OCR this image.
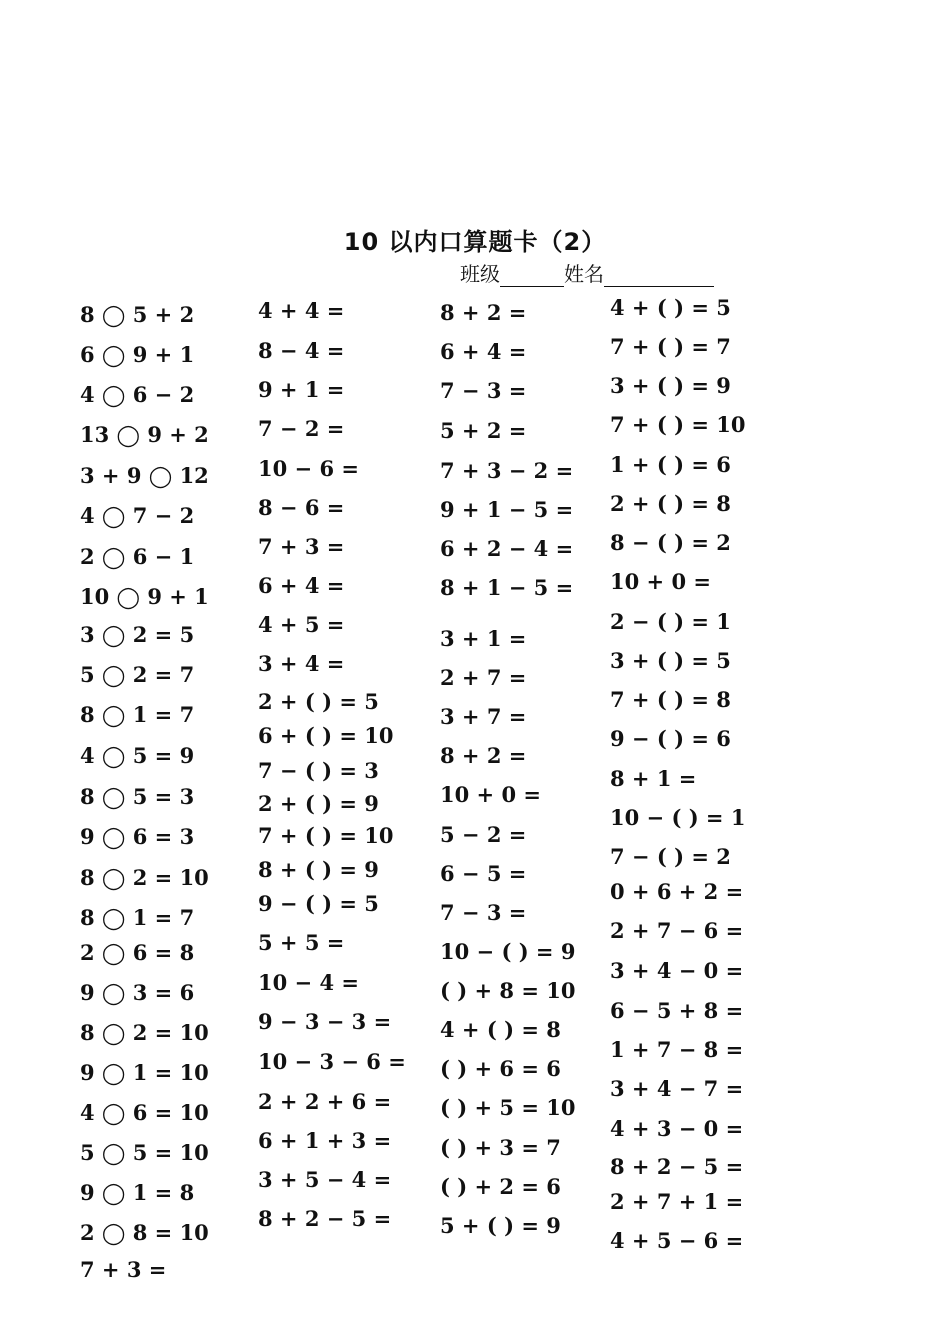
10 以内口算题卡（2）
班级	姓名
8 ◯ 5 + 2
6 ◯ 9 + 1
4 ◯ 6 − 2
13 ◯ 9 + 2
3 + 9 ◯ 12
4 ◯ 7 − 2
2 ◯ 6 − 1
10 ◯ 9 + 1
3 ◯ 2 = 5
5 ◯ 2 = 7
8 ◯ 1 = 7
4 ◯ 5 = 9
8 ◯ 5 = 3
9 ◯ 6 = 3
8 ◯ 2 = 10
8 ◯ 1 = 7
2 ◯ 6 = 8
9 ◯ 3 = 6
8 ◯ 2 = 10
9 ◯ 1 = 10
4 ◯ 6 = 10
5 ◯ 5 = 10
9 ◯ 1 = 8
2 ◯ 8 = 10
7 + 3 =
4 + 4 =
8 − 4 =
9 + 1 =
7 − 2 =
10 − 6 =
8 − 6 =
7 + 3 =
6 + 4 =
4 + 5 =
3 + 4 =
2 + ( ) = 5
6 + ( ) = 10
7 − ( ) = 3
2 + ( ) = 9
7 + ( ) = 10
8 + ( ) = 9
9 − ( ) = 5
5 + 5 =
10 − 4 =
9 − 3 − 3 =
10 − 3 − 6 =
2 + 2 + 6 =
6 + 1 + 3 =
3 + 5 − 4 =
8 + 2 − 5 =
8 + 2 =
6 + 4 =
7 − 3 =
5 + 2 =
7 + 3 − 2 =
9 + 1 − 5 =
6 + 2 − 4 =
8 + 1 − 5 =
3 + 1 =
2 + 7 =
3 + 7 =
8 + 2 =
10 + 0 =
5 − 2 =
6 − 5 =
7 − 3 =
10 − ( ) = 9
( ) + 8 = 10
4 + ( ) = 8
( ) + 6 = 6
( ) + 5 = 10
( ) + 3 = 7
( ) + 2 = 6
5 + ( ) = 9
4 + ( ) = 5
7 + ( ) = 7
3 + ( ) = 9
7 + ( ) = 10
1 + ( ) = 6
2 + ( ) = 8
8 − ( ) = 2
10 + 0 =
2 − ( ) = 1
3 + ( ) = 5
7 + ( ) = 8
9 − ( ) = 6
8 + 1 =
10 − ( ) = 1
7 − ( ) = 2
0 + 6 + 2 =
2 + 7 − 6 =
3 + 4 − 0 =
6 − 5 + 8 =
1 + 7 − 8 =
3 + 4 − 7 =
4 + 3 − 0 =
8 + 2 − 5 =
2 + 7 + 1 =
4 + 5 − 6 =
